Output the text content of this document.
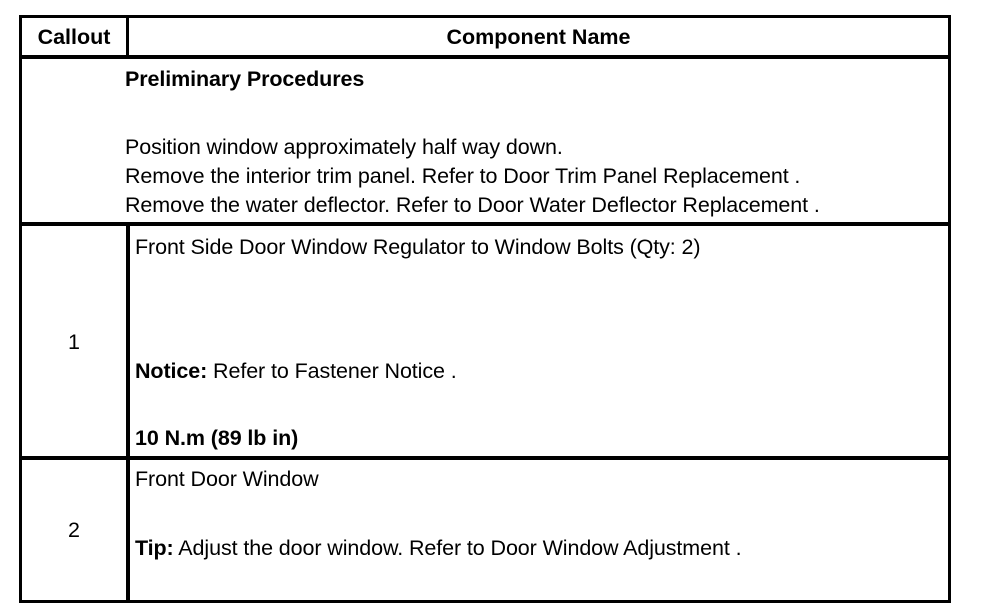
Callout	Component Name
Preliminary Procedures
Position window approximately half way down.
Remove the interior trim panel. Refer to Door Trim Panel Replacement .
Remove the water deflector. Refer to Door Water Deflector Replacement .
1
Front Side Door Window Regulator to Window Bolts (Qty: 2)
Notice: Refer to Fastener Notice .
10 N.m (89 lb in)
2
Front Door Window
Tip: Adjust the door window. Refer to Door Window Adjustment .
